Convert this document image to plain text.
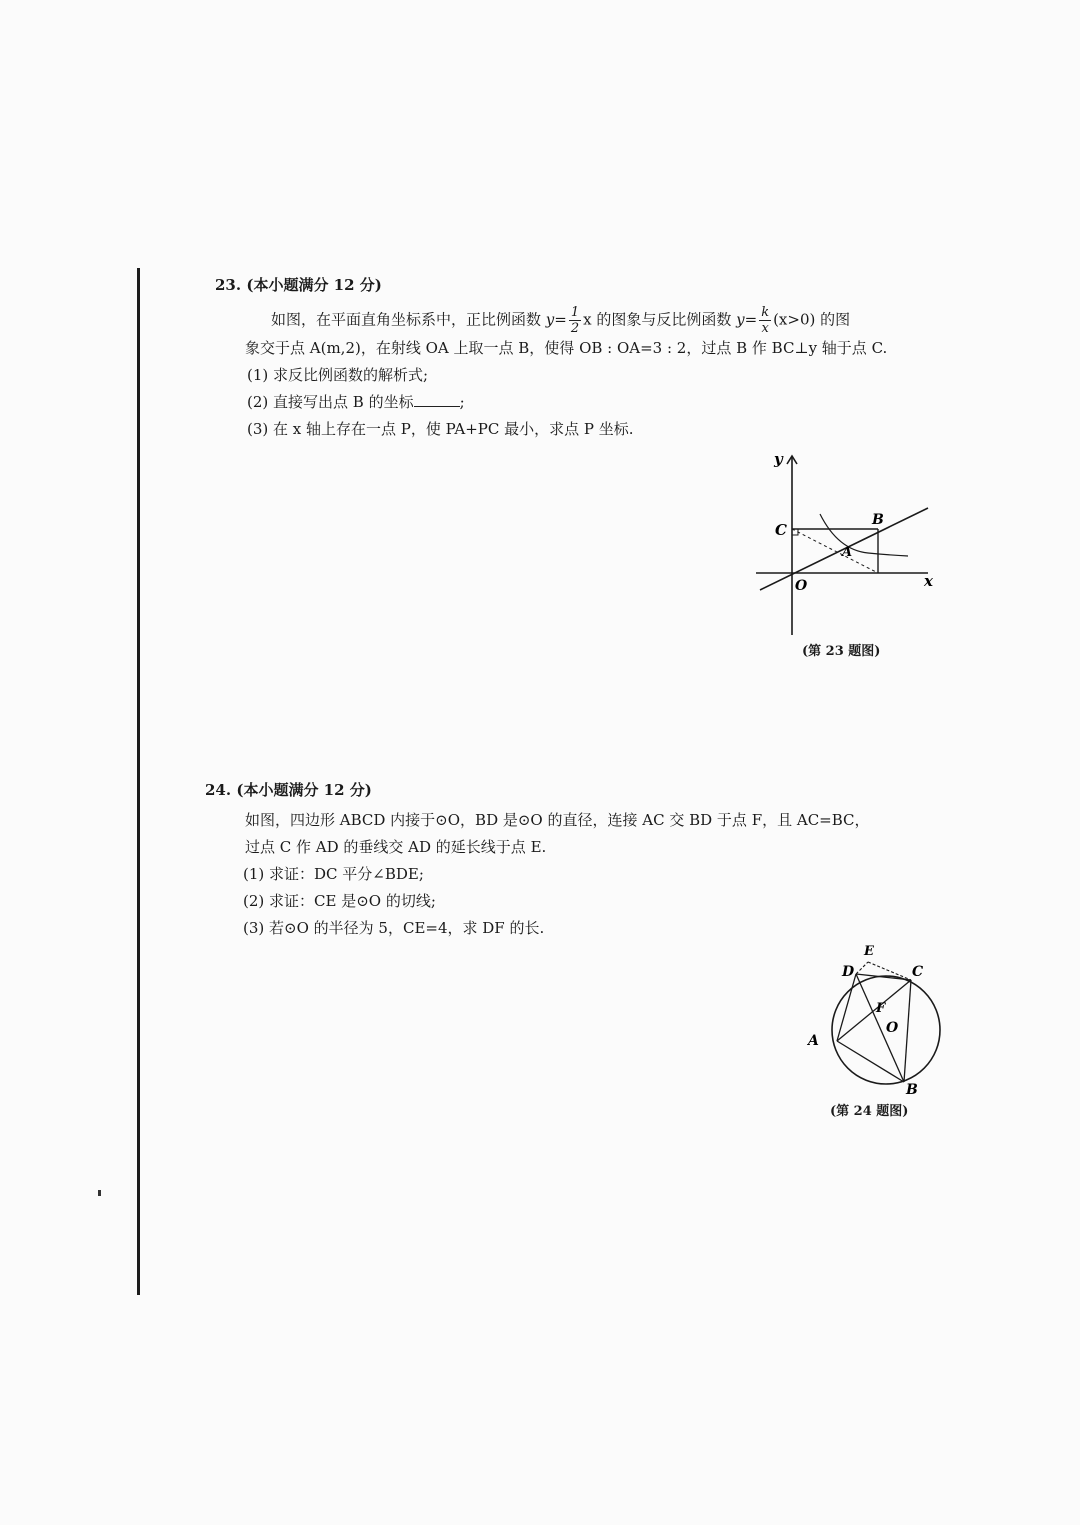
23. (本小题满分 12 分)
如图，在平面直角坐标系中，正比例函数 $y= \frac{1}{2}$ x 的图象与反比例函数 $y= \frac{k}{x} (x>0)$ 的图
象交于点 A(m,2)，在射线 OA 上取一点 B，使得 OB : OA=3 : 2，过点 B 作 BC⊥y 轴于点 C.
(1) 求反比例函数的解析式;
(2) 直接写出点 B 的坐标	;
(3) 在 x 轴上存在一点 P，使 PA+PC 最小，求点 P 坐标.
y
x
C
B
A
O
(第 23 题图)
24. (本小题满分 12 分)
如图，四边形 ABCD 内接于⊙O，BD 是⊙O 的直径，连接 AC 交 BD 于点 F，且 AC=BC，
过点 C 作 AD 的垂线交 AD 的延长线于点 E.
(1) 求证：DC 平分∠BDE;
(2) 求证：CE 是⊙O 的切线;
(3) 若⊙O 的半径为 5，CE=4，求 DF 的长.
E
D	C
F
O
A
B
(第 24 题图)
